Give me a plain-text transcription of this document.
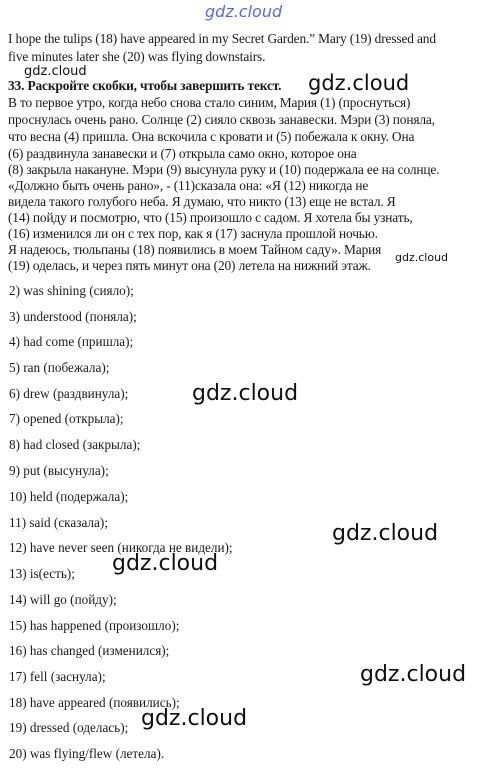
gdz.cloud
I hope the tulips (18) have appeared in my Secret Garden.” Mary (19) dressed and
five minutes later she (20) was flying downstairs.
gdz.cloud
33. Раскройте скобки, чтобы завершить текст. gdz.cloud
В то первое утро, когда небо снова стало синим, Мария (1) (проснуться)
проснулась очень рано. Солнце (2) сияло сквозь занавески. Мэри (3) поняла,
что весна (4) пришла. Она вскочила с кровати и (5) побежала к окну. Она
(6) раздвинула занавески и (7) открыла само окно, которое она
(8) закрыла накануне. Мэри (9) высунула руку и (10) подержала ее на солнце.
«Должно быть очень рано», - (11)сказала она: «Я (12) никогда не
видела такого голубого неба. Я думаю, что никто (13) еще не встал. Я
(14) пойду и посмотрю, что (15) произошло с садом. Я хотела бы узнать,
(16) изменился ли он с тех пор, как я (17) заснула прошлой ночью.
Я надеюсь, тюльпаны (18) появились в моем Тайном саду». Мария
(19) оделась, и через пять минут она (20) летела на нижний этаж.
gdz.cloud
2) was shining (сияло);
3) understood (поняла);
4) had come (пришла);
5) ran (побежала);
6) drew (раздвинула);
7) opened (открыла);
8) had closed (закрыла);
9) put (высунула);
10) held (подержала);
11) said (сказала);
12) have never seen (никогда не видели);
13) is(есть);
14) will go (пойду);
15) has happened (произошло);
16) has changed (изменился);
17) fell (заснула);
18) have appeared (появились);
19) dressed (оделась);
20) was flying/flew (летела).
gdz.cloud
gdz.cloud
gdz.cloud
gdz.cloud
gdz.cloud
